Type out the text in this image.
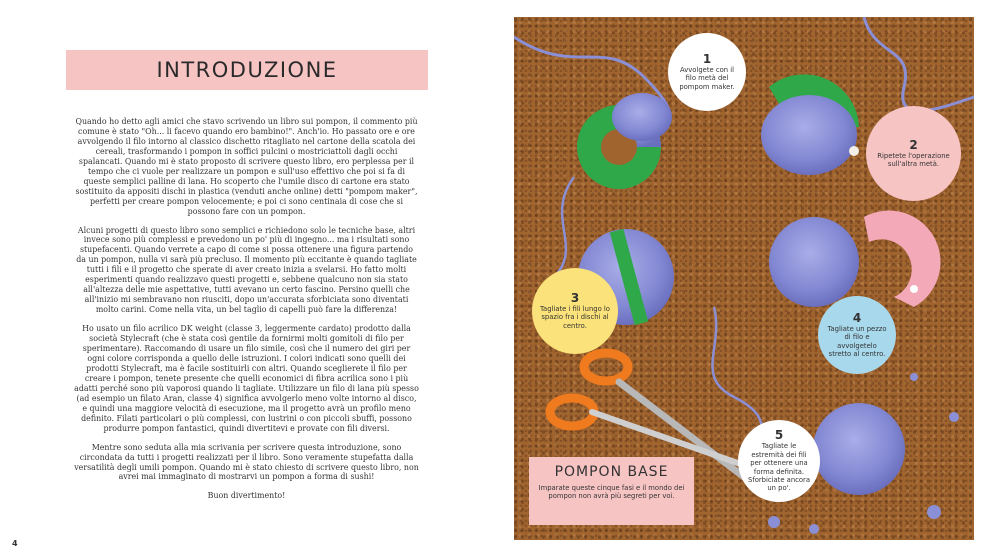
INTRODUZIONE

Quando ho detto agli amici che stavo scrivendo un libro sui pompon, il commento più comune è stato "Oh... li facevo quando ero bambino!". Anch'io. Ho passato ore e ore avvolgendo il filo intorno al classico dischetto ritagliato nel cartone della scatola dei cereali, trasformando i pompon in soffici pulcini o mostriciattoli dagli occhi spalancati. Quando mi è stato proposto di scrivere questo libro, ero perplessa per il tempo che ci vuole per realizzare un pompon e sull'uso effettivo che poi si fa di queste semplici palline di lana. Ho scoperto che l'umile disco di cartone era stato sostituito da appositi dischi in plastica (venduti anche online) detti "pompom maker", perfetti per creare pompon velocemente; e poi ci sono centinaia di cose che si possono fare con un pompon.

Alcuni progetti di questo libro sono semplici e richiedono solo le tecniche base, altri invece sono più complessi e prevedono un po' più di ingegno... ma i risultati sono stupefacenti. Quando verrete a capo di come si possa ottenere una figura partendo da un pompon, nulla vi sarà più precluso. Il momento più eccitante è quando tagliate tutti i fili e il progetto che sperate di aver creato inizia a svelarsi. Ho fatto molti esperimenti quando realizzavo questi progetti e, sebbene qualcuno non sia stato all'altezza delle mie aspettative, tutti avevano un certo fascino. Persino quelli che all'inizio mi sembravano non riusciti, dopo un'accurata sforbiciata sono diventati molto carini. Come nella vita, un bel taglio di capelli può fare la differenza!

Ho usato un filo acrilico DK weight (classe 3, leggermente cardato) prodotto dalla società Stylecraft (che è stata così gentile da fornirmi molti gomitoli di filo per sperimentare). Raccomando di usare un filo simile, così che il numero dei giri per ogni colore corrisponda a quello delle istruzioni. I colori indicati sono quelli dei prodotti Stylecraft, ma è facile sostituirli con altri. Quando sceglierete il filo per creare i pompon, tenete presente che quelli economici di fibra acrilica sono i più adatti perché sono più vaporosi quando li tagliate. Utilizzare un filo di lana più spesso (ad esempio un filato Aran, classe 4) significa avvolgerlo meno volte intorno al disco, e quindi una maggiore velocità di esecuzione, ma il progetto avrà un profilo meno definito. Filati particolari o più complessi, con lustrini o con piccoli sbuffi, possono produrre pompon fantastici, quindi divertitevi e provate con fili diversi.

Mentre sono seduta alla mia scrivania per scrivere questa introduzione, sono circondata da tutti i progetti realizzati per il libro. Sono veramente stupefatta dalla versatilità degli umili pompon. Quando mi è stato chiesto di scrivere questo libro, non avrei mai immaginato di mostrarvi un pompon a forma di sushi!

Buon divertimento!

4
1
Avvolgete con il filo metà del pompom maker.
2
Ripetete l'operazione sull'altra metà.
3
Tagliate i fili lungo lo spazio fra i dischi al centro.
4
Tagliate un pezzo di filo e avvolgetelo stretto al centro.
5
Tagliate le estremità dei fili per ottenere una forma definita. Sforbiciate ancora un po'.
POMPON BASE
Imparate queste cinque fasi e il mondo dei pompon non avrà più segreti per voi.
